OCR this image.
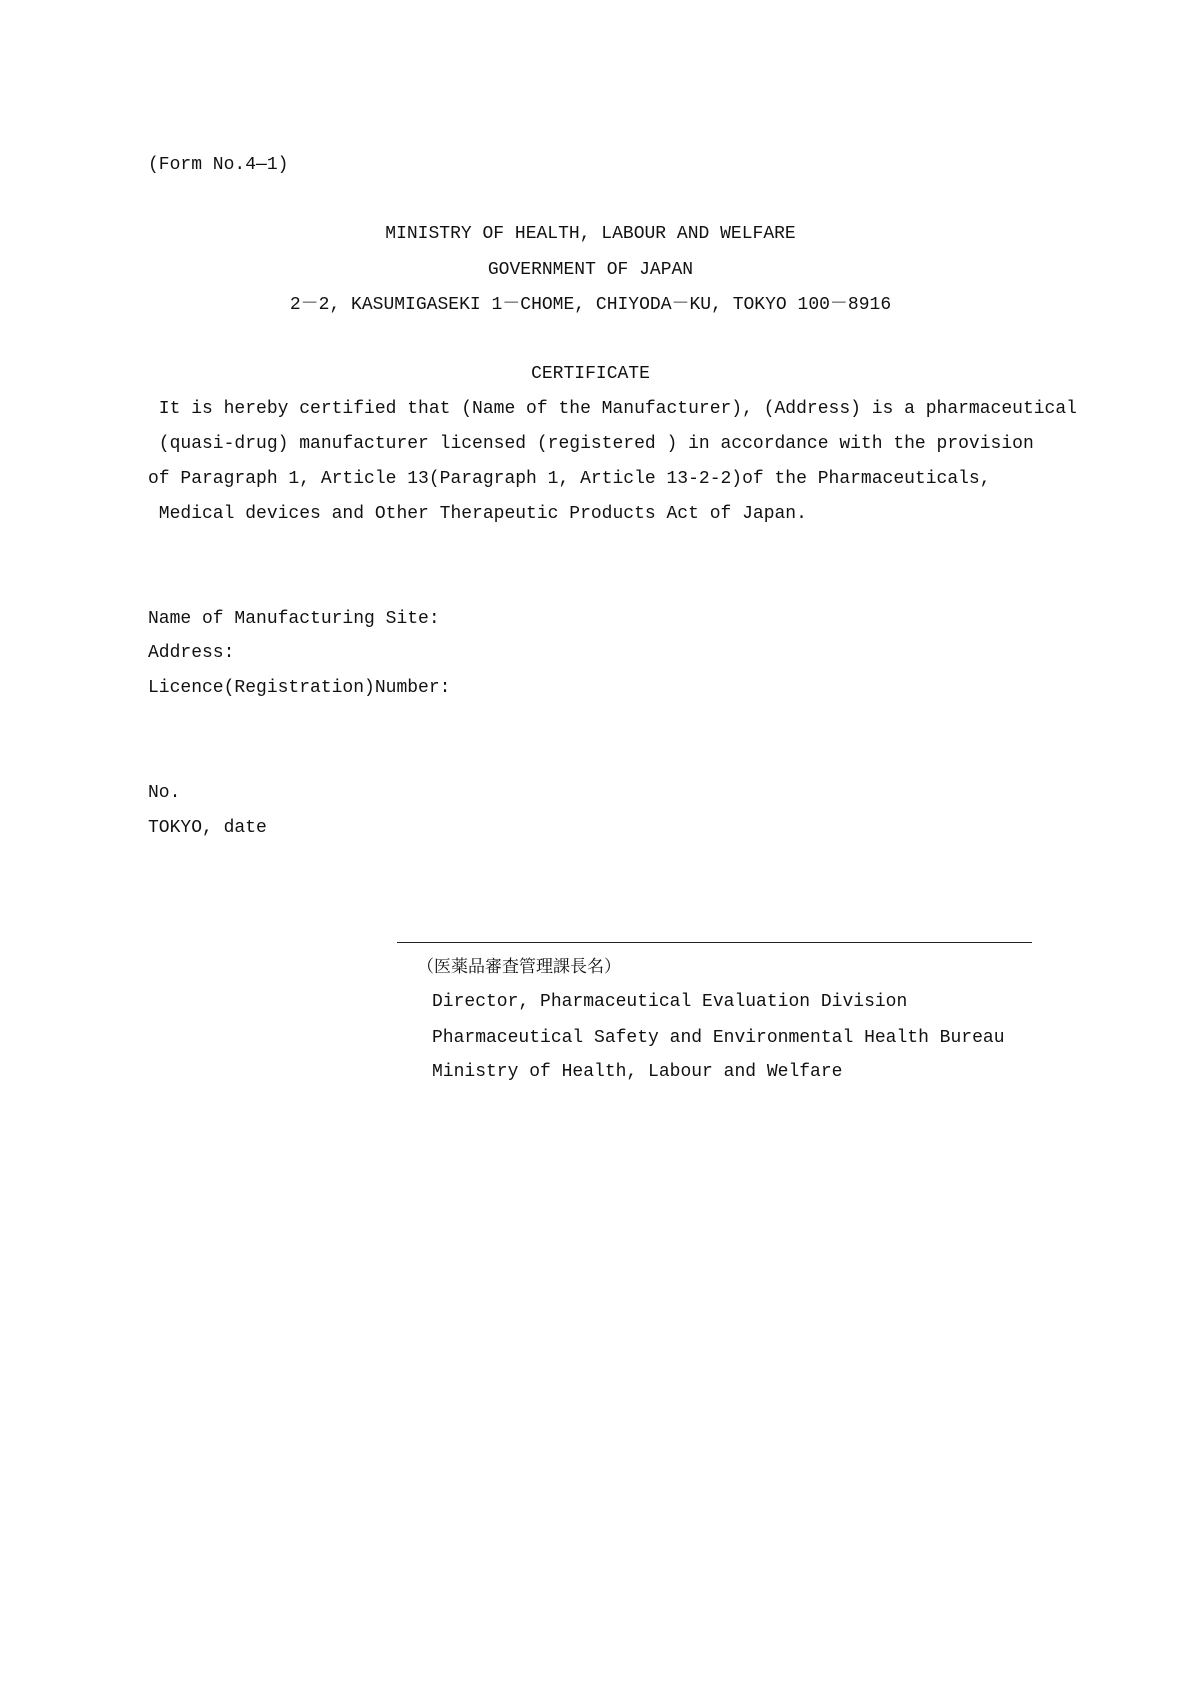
(Form No.4—1)
MINISTRY OF HEALTH, LABOUR AND WELFARE
GOVERNMENT OF JAPAN
2－2, KASUMIGASEKI 1－CHOME, CHIYODA－KU, TOKYO 100－8916
CERTIFICATE
It is hereby certified that (Name of the Manufacturer), (Address) is a pharmaceutical
(quasi-drug) manufacturer licensed (registered ) in accordance with the provision
of Paragraph 1, Article 13(Paragraph 1, Article 13-2-2)of the Pharmaceuticals,
Medical devices and Other Therapeutic Products Act of Japan.
Name of Manufacturing Site:
Address:
Licence(Registration)Number:
No.
TOKYO, date
（医薬品審査管理課長名）
Director, Pharmaceutical Evaluation Division
Pharmaceutical Safety and Environmental Health Bureau
Ministry of Health, Labour and Welfare
